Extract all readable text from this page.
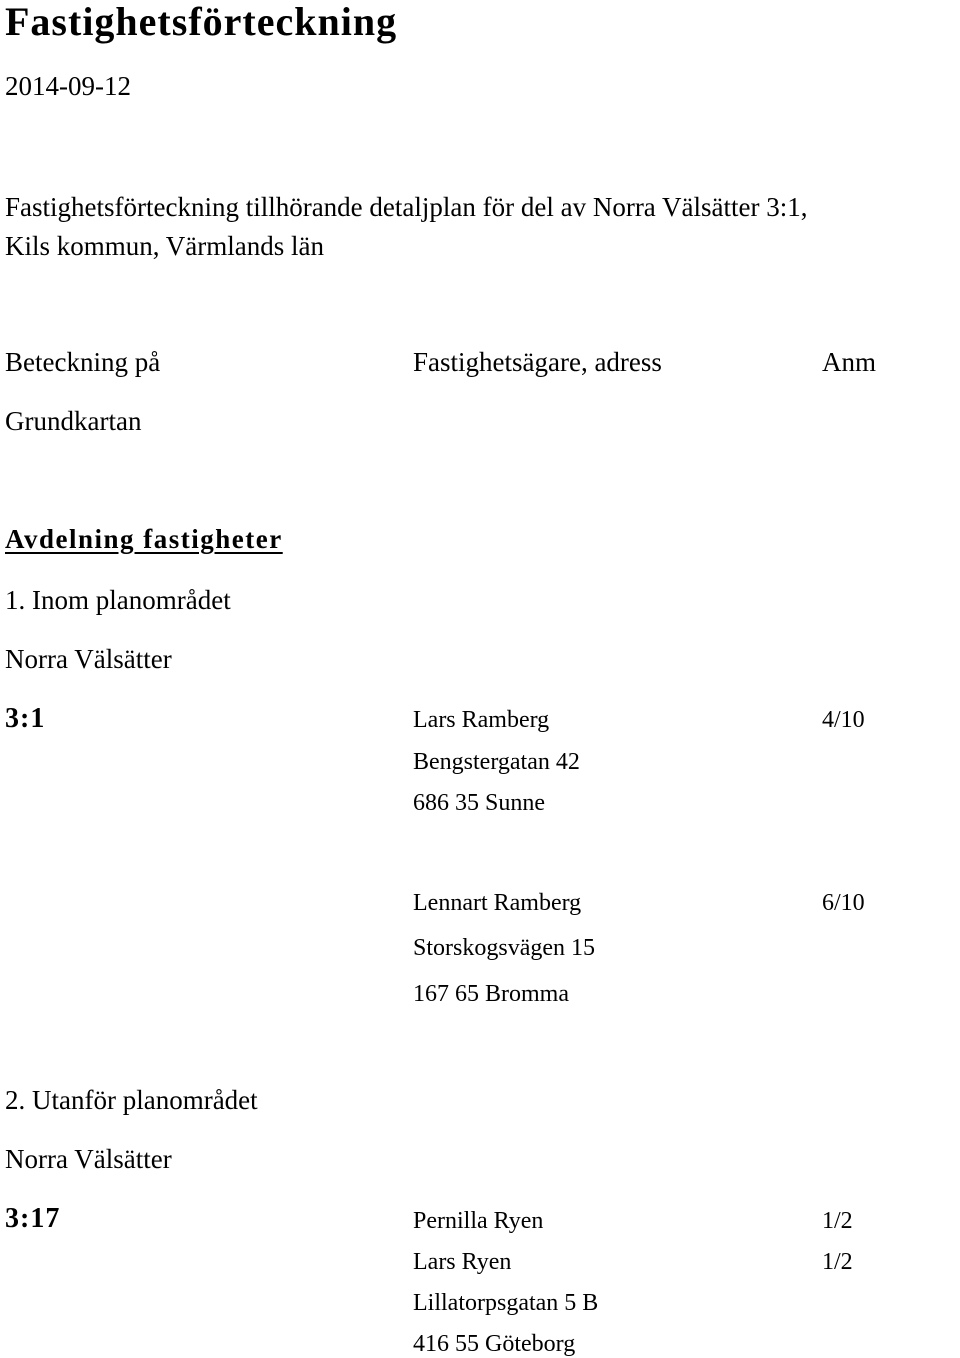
Fastighetsförteckning
2014-09-12
Fastighetsförteckning tillhörande detaljplan för del av Norra Välsätter 3:1,
Kils kommun, Värmlands län
Beteckning på	Fastighetsägare, adress	Anm
Grundkartan
Avdelning fastigheter
1. Inom planområdet
Norra Välsätter
3:1	Lars Ramberg	4/10
Bengstergatan 42
686 35 Sunne
Lennart Ramberg	6/10
Storskogsvägen 15
167 65 Bromma
2. Utanför planområdet
Norra Välsätter
3:17	Pernilla Ryen	1/2
Lars Ryen	1/2
Lillatorpsgatan 5 B
416 55 Göteborg
